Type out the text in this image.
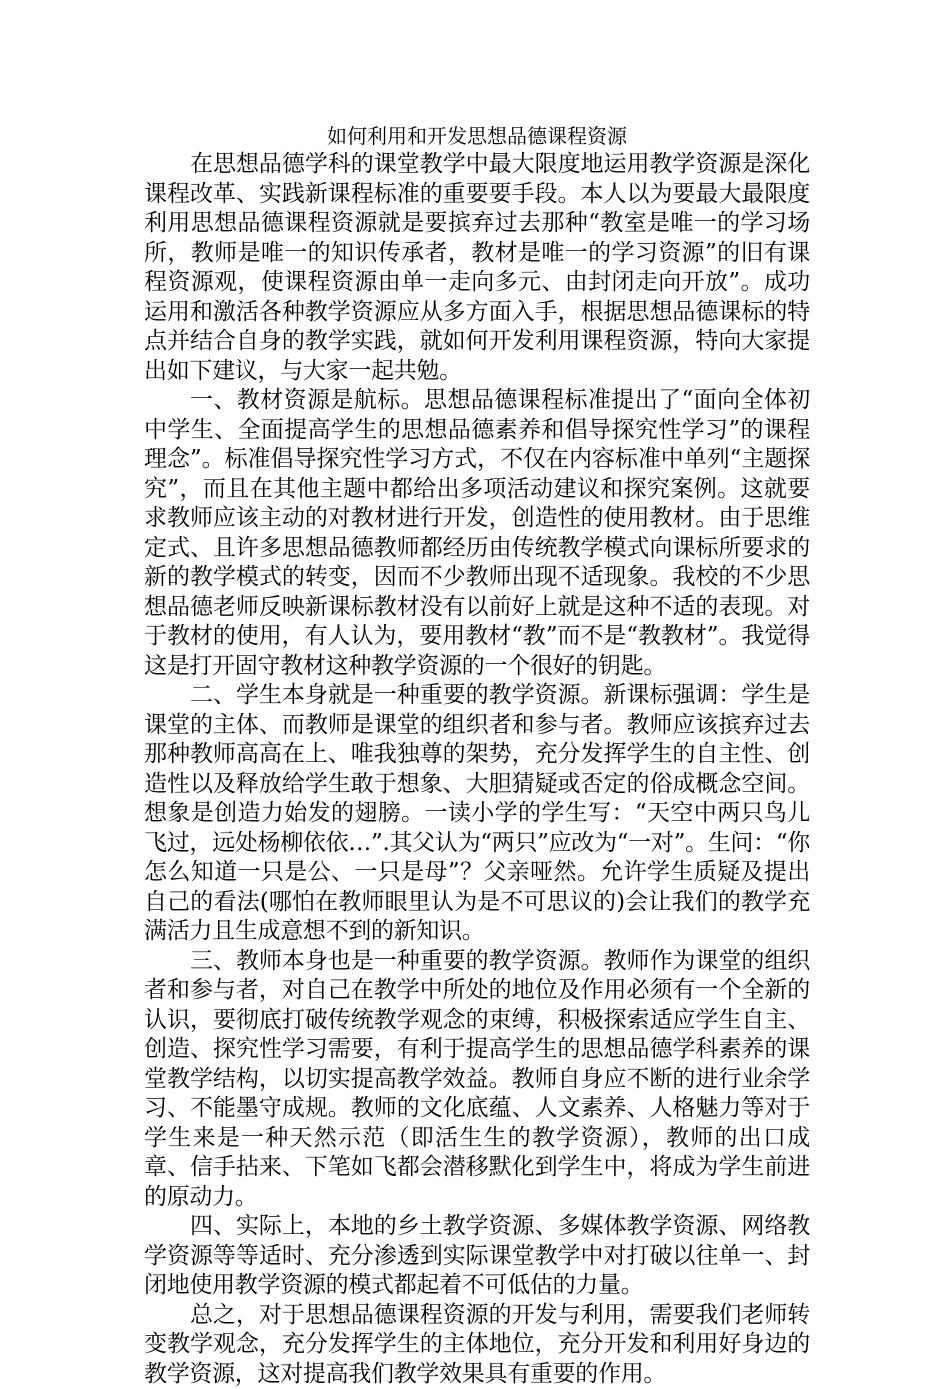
如何利用和开发思想品德课程资源

在思想品德学科的课堂教学中最大限度地运用教学资源是深化课程改革、实践新课程标准的重要要手段。本人以为要最大最限度利用思想品德课程资源就是要摈弃过去那种“教室是唯一的学习场所，教师是唯一的知识传承者，教材是唯一的学习资源”的旧有课程资源观，使课程资源由单一走向多元、由封闭走向开放”。成功运用和激活各种教学资源应从多方面入手，根据思想品德课标的特点并结合自身的教学实践，就如何开发利用课程资源，特向大家提出如下建议，与大家一起共勉。

一、教材资源是航标。思想品德课程标准提出了“面向全体初中学生、全面提高学生的思想品德素养和倡导探究性学习”的课程理念”。标准倡导探究性学习方式，不仅在内容标准中单列“主题探究”，而且在其他主题中都给出多项活动建议和探究案例。这就要求教师应该主动的对教材进行开发，创造性的使用教材。由于思维定式、且许多思想品德教师都经历由传统教学模式向课标所要求的新的教学模式的转变，因而不少教师出现不适现象。我校的不少思想品德老师反映新课标教材没有以前好上就是这种不适的表现。对于教材的使用，有人认为，要用教材“教”而不是“教教材”。我觉得这是打开固守教材这种教学资源的一个很好的钥匙。

二、学生本身就是一种重要的教学资源。新课标强调：学生是课堂的主体、而教师是课堂的组织者和参与者。教师应该摈弃过去那种教师高高在上、唯我独尊的架势，充分发挥学生的自主性、创造性以及释放给学生敢于想象、大胆猜疑或否定的俗成概念空间。想象是创造力始发的翅膀。一读小学的学生写：“天空中两只鸟儿飞过，远处杨柳依依…”.其父认为“两只”应改为“一对”。生问：“你怎么知道一只是公、一只是母”？父亲哑然。允许学生质疑及提出自己的看法(哪怕在教师眼里认为是不可思议的)会让我们的教学充满活力且生成意想不到的新知识。

三、教师本身也是一种重要的教学资源。教师作为课堂的组织者和参与者，对自己在教学中所处的地位及作用必须有一个全新的认识，要彻底打破传统教学观念的束缚，积极探索适应学生自主、创造、探究性学习需要，有利于提高学生的思想品德学科素养的课堂教学结构，以切实提高教学效益。教师自身应不断的进行业余学习、不能墨守成规。教师的文化底蕴、人文素养、人格魅力等对于学生来是一种天然示范（即活生生的教学资源），教师的出口成章、信手拈来、下笔如飞都会潜移默化到学生中，将成为学生前进的原动力。

四、实际上，本地的乡土教学资源、多媒体教学资源、网络教学资源等等适时、充分渗透到实际课堂教学中对打破以往单一、封闭地使用教学资源的模式都起着不可低估的力量。

总之，对于思想品德课程资源的开发与利用，需要我们老师转变教学观念，充分发挥学生的主体地位，充分开发和利用好身边的教学资源，这对提高我们教学效果具有重要的作用。
